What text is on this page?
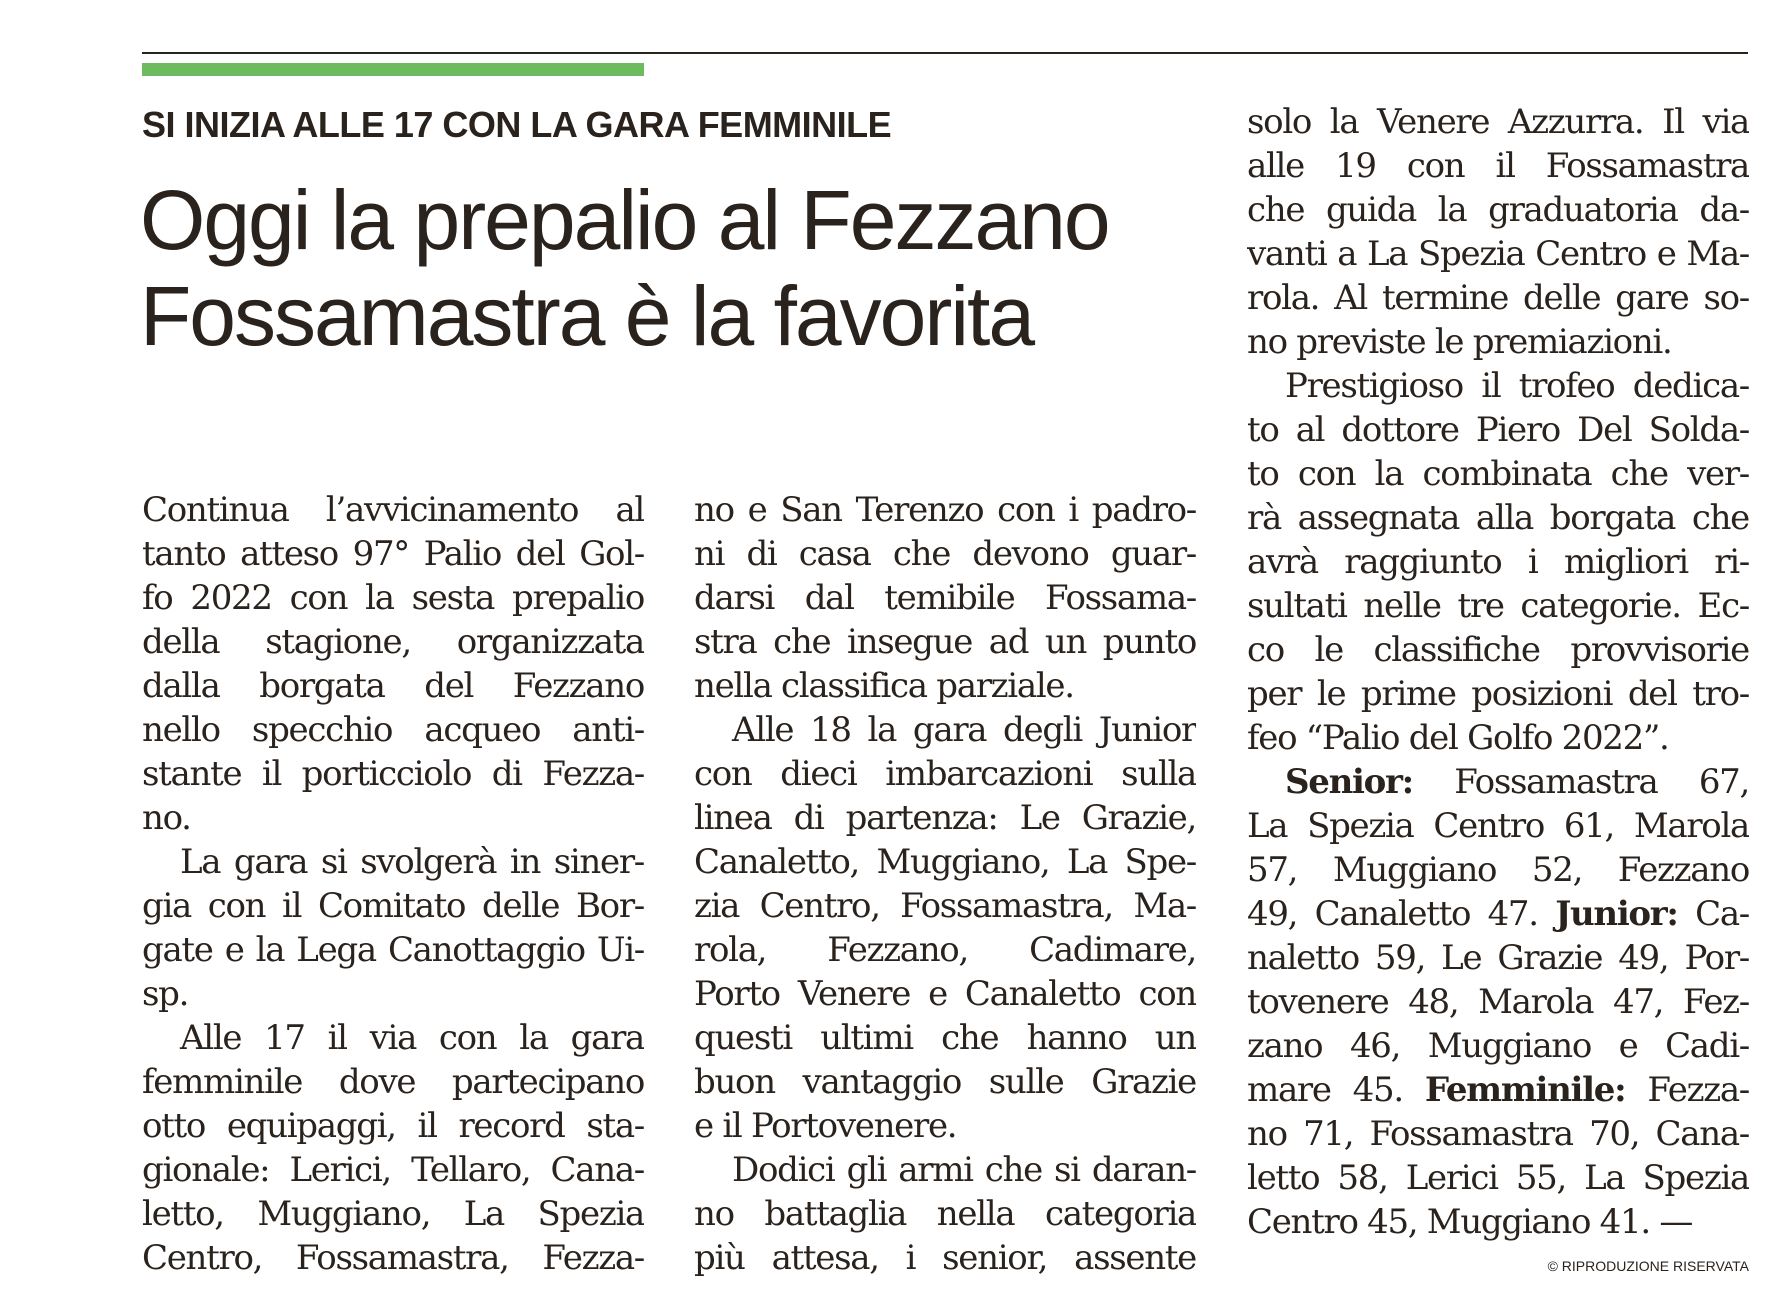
SI INIZIA ALLE 17 CON LA GARA FEMMINILE
Oggi la prepalio al Fezzano
Fossamastra è la favorita
Continua l’avvicinamento al
tanto atteso 97° Palio del Gol-
fo 2022 con la sesta prepalio
della stagione, organizzata
dalla borgata del Fezzano
nello specchio acqueo anti-
stante il porticciolo di Fezza-
no.
La gara si svolgerà in siner-
gia con il Comitato delle Bor-
gate e la Lega Canottaggio Ui-
sp.
Alle 17 il via con la gara
femminile dove partecipano
otto equipaggi, il record sta-
gionale: Lerici, Tellaro, Cana-
letto, Muggiano, La Spezia
Centro, Fossamastra, Fezza-
no e San Terenzo con i padro-
ni di casa che devono guar-
darsi dal temibile Fossama-
stra che insegue ad un punto
nella classifica parziale.
Alle 18 la gara degli Junior
con dieci imbarcazioni sulla
linea di partenza: Le Grazie,
Canaletto, Muggiano, La Spe-
zia Centro, Fossamastra, Ma-
rola, Fezzano, Cadimare,
Porto Venere e Canaletto con
questi ultimi che hanno un
buon vantaggio sulle Grazie
e il Portovenere.
Dodici gli armi che si daran-
no battaglia nella categoria
più attesa, i senior, assente
solo la Venere Azzurra. Il via
alle 19 con il Fossamastra
che guida la graduatoria da-
vanti a La Spezia Centro e Ma-
rola. Al termine delle gare so-
no previste le premiazioni.
Prestigioso il trofeo dedica-
to al dottore Piero Del Solda-
to con la combinata che ver-
rà assegnata alla borgata che
avrà raggiunto i migliori ri-
sultati nelle tre categorie. Ec-
co le classifiche provvisorie
per le prime posizioni del tro-
feo “Palio del Golfo 2022”.
Senior: Fossamastra 67,
La Spezia Centro 61, Marola
57, Muggiano 52, Fezzano
49, Canaletto 47. Junior: Ca-
naletto 59, Le Grazie 49, Por-
tovenere 48, Marola 47, Fez-
zano 46, Muggiano e Cadi-
mare 45. Femminile: Fezza-
no 71, Fossamastra 70, Cana-
letto 58, Lerici 55, La Spezia
Centro 45, Muggiano 41. —
© RIPRODUZIONE RISERVATA
